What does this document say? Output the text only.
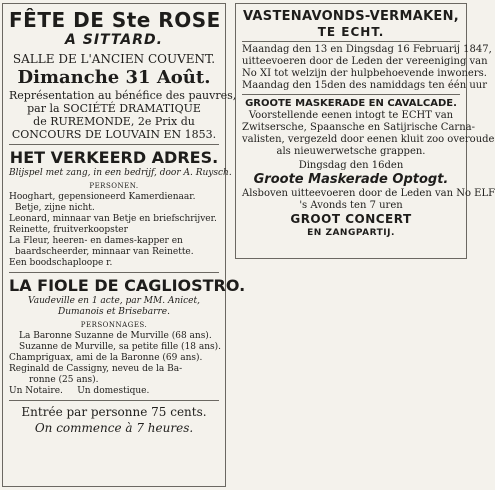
FÊTE DE Ste ROSE
A SITTARD.
SALLE DE L'ANCIEN COUVENT.
Dimanche 31 Août.
Représentation au bénéfice des pauvres,
par la SOCIÉTÉ DRAMATIQUE
de RUREMONDE, 2e Prix du
CONCOURS DE LOUVAIN EN 1853.
HET VERKEERD ADRES.
Blijspel met zang, in een bedrijf, door A. Ruysch.
PERSONEN.
Hooghart, gepensioneerd Kamerdienaar.
Betje, zijne nicht.
Leonard, minnaar van Betje en briefschrijver.
Reinette, fruitverkoopster
La Fleur, heeren- en dames-kapper en
baardscheerder, minnaar van Reinette.
Een boodschaploope r.
LA FIOLE DE CAGLIOSTRO.
Vaudeville en 1 acte, par MM. Anicet,
Dumanois et Brisebarre.
PERSONNAGES.
La Baronne Suzanne de Murville (68 ans).
Suzanne de Murville, sa petite fille (18 ans).
Champriguax, ami de la Baronne (69 ans).
Reginald de Cassigny, neveu de la Ba-
ronne (25 ans).
Un Notaire.     Un domestique.
Entrée par personne 75 cents.
On commence à 7 heures.
VASTENAVONDS-VERMAKEN,
TE ECHT.
Maandag den 13 en Dingsdag 16 Februarij 1847,
uitteevoeren door de Leden der vereeniging van
No XI tot welzijn der hulpbehoevende inwoners.
Maandag den 15den des namiddags ten één uur
GROOTE MASKERADE EN CAVALCADE.
Voorstellende eenen intogt te ECHT van
Zwitsersche, Spaansche en Satijrische Carna-
valisten, vergezeld door eenen kluit zoo overoude
als nieuwerwetsche grappen.
Dingsdag den 16den
Groote Maskerade Optogt.
Alsboven uitteevoeren door de Leden van No ELF
's Avonds ten 7 uren
GROOT CONCERT
EN ZANGPARTIJ.
